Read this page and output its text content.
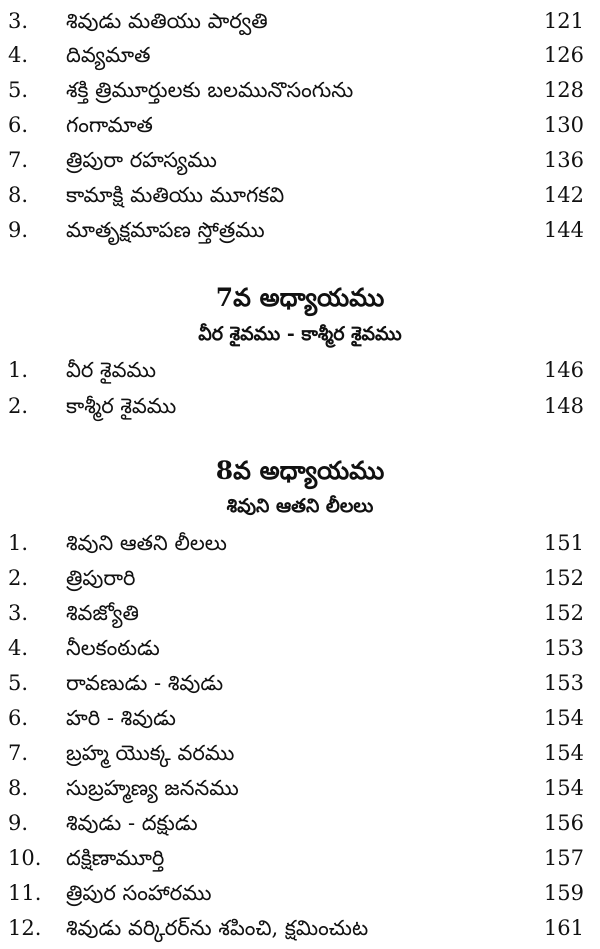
3.	శివుడు మతియు పార్వతి	121
4.	దివ్యమాత	126
5.	శక్తి త్రిమూర్తులకు బలమునొసంగును	128
6.	గంగామాత	130
7.	త్రిపురా రహస్యము	136
8.	కామాక్షి మతియు మూగకవి	142
9.	మాతృక్షమాపణ స్తోత్రము	144
7వ అధ్యాయము
వీర శైవము - కాశ్మీర శైవము
1.	వీర శైవము	146
2.	కాశ్మీర శైవము	148
8వ అధ్యాయము
శివుని ఆతని లీలలు
1.	శివుని ఆతని లీలలు	151
2.	త్రిపురారి	152
3.	శివజ్యోతి	152
4.	నీలకంఠుడు	153
5.	రావణుడు - శివుడు	153
6.	హరి - శివుడు	154
7.	బ్రహ్మ యొక్క వరము	154
8.	సుబ్రహ్మణ్య జననము	154
9.	శివుడు - దక్షుడు	156
10.	దక్షిణామూర్తి	157
11.	త్రిపుర సంహారము	159
12.	శివుడు వర్కిరర్‌ను శపించి, క్షమించుట	161
